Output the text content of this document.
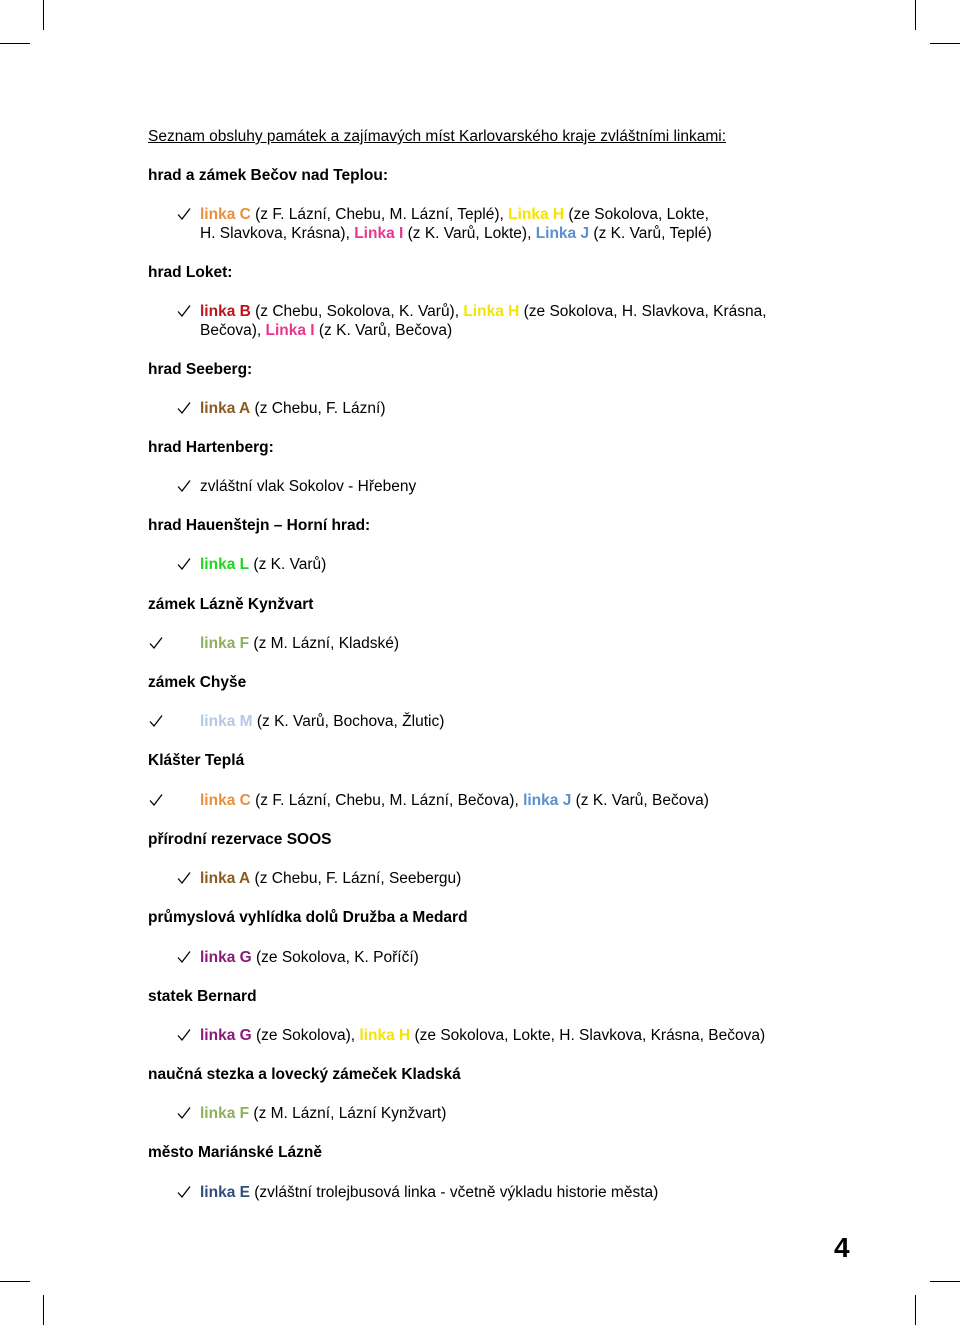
Seznam obsluhy památek a zajímavých míst Karlovarského kraje zvláštními linkami:
hrad a zámek Bečov nad Teplou:
linka C (z F. Lázní, Chebu, M. Lázní, Teplé), Linka H (ze Sokolova, Lokte,
H. Slavkova, Krásna), Linka I (z K. Varů, Lokte), Linka J (z K. Varů, Teplé)
hrad Loket:
linka B (z Chebu, Sokolova, K. Varů), Linka H (ze Sokolova, H. Slavkova, Krásna,
Bečova), Linka I (z K. Varů, Bečova)
hrad Seeberg:
linka A (z Chebu, F. Lázní)
hrad Hartenberg:
zvláštní vlak Sokolov - Hřebeny
hrad Hauenštejn – Horní hrad:
linka L (z K. Varů)
zámek Lázně Kynžvart
linka F (z M. Lázní, Kladské)
zámek Chyše
linka M (z K. Varů, Bochova, Žlutic)
Klášter Teplá
linka C (z F. Lázní, Chebu, M. Lázní, Bečova), linka J (z K. Varů, Bečova)
přírodní rezervace SOOS
linka A (z Chebu, F. Lázní, Seebergu)
průmyslová vyhlídka dolů Družba a Medard
linka G (ze Sokolova, K. Poříčí)
statek Bernard
linka G (ze Sokolova), linka H (ze Sokolova, Lokte, H. Slavkova, Krásna, Bečova)
naučná stezka a lovecký zámeček Kladská
linka F (z M. Lázní, Lázní Kynžvart)
město Mariánské Lázně
linka E (zvláštní trolejbusová linka - včetně výkladu historie města)
4
